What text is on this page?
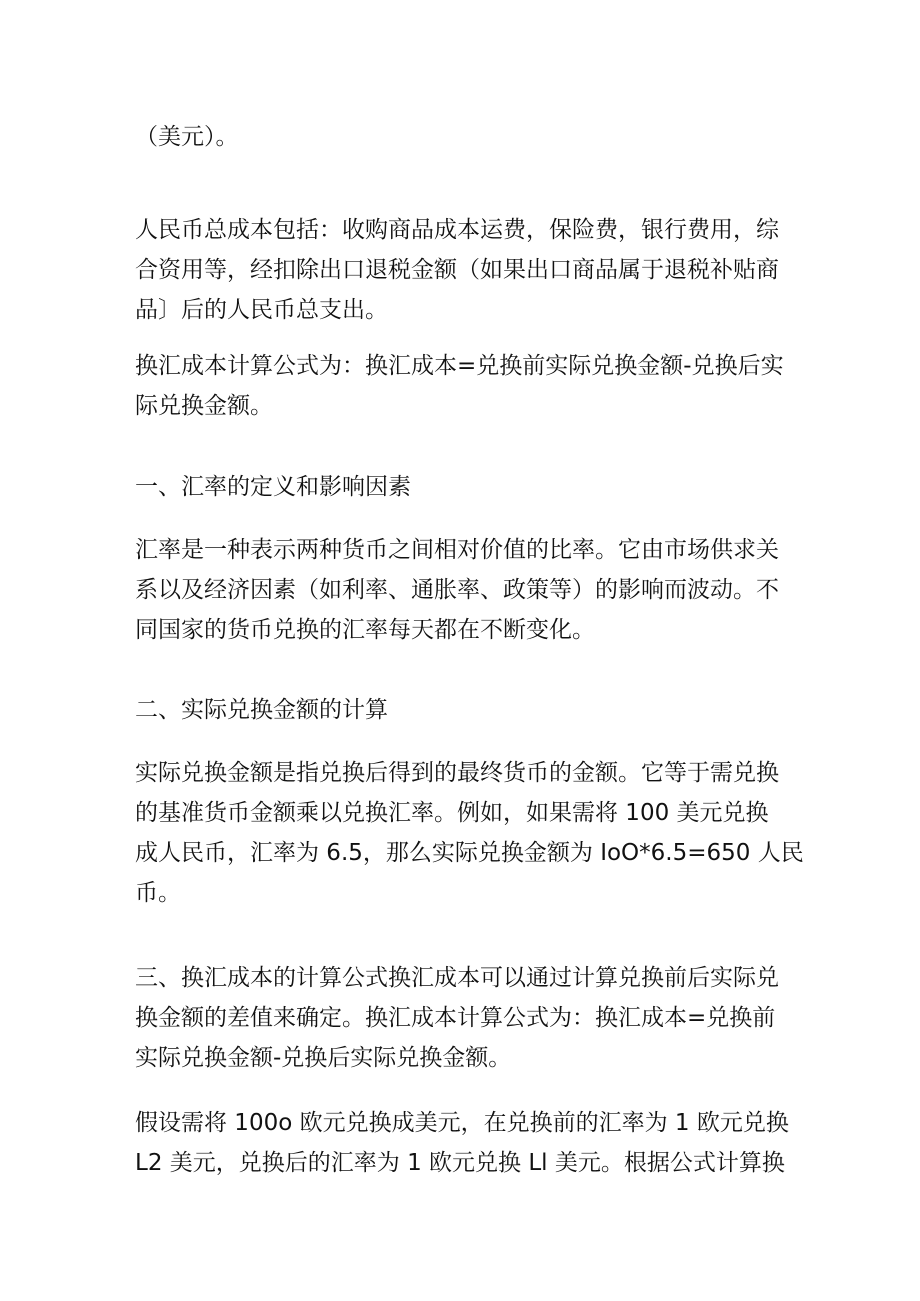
（美元）。
人民币总成本包括：收购商品成本运费，保险费，银行费用，综
合资用等，经扣除出口退税金额（如果出口商品属于退税补贴商
品〕后的人民币总支出。
换汇成本计算公式为：换汇成本=兑换前实际兑换金额-兑换后实
际兑换金额。
一、汇率的定义和影响因素
汇率是一种表示两种货币之间相对价值的比率。它由市场供求关
系以及经济因素（如利率、通胀率、政策等）的影响而波动。不
同国家的货币兑换的汇率每天都在不断变化。
二、实际兑换金额的计算
实际兑换金额是指兑换后得到的最终货币的金额。它等于需兑换
的基准货币金额乘以兑换汇率。例如，如果需将 100 美元兑换
成人民币，汇率为 6.5，那么实际兑换金额为 IoO*6.5=650 人民
币。
三、换汇成本的计算公式换汇成本可以通过计算兑换前后实际兑
换金额的差值来确定。换汇成本计算公式为：换汇成本=兑换前
实际兑换金额-兑换后实际兑换金额。
假设需将 100o 欧元兑换成美元，在兑换前的汇率为 1 欧元兑换
L2 美元，兑换后的汇率为 1 欧元兑换 Ll 美元。根据公式计算换
